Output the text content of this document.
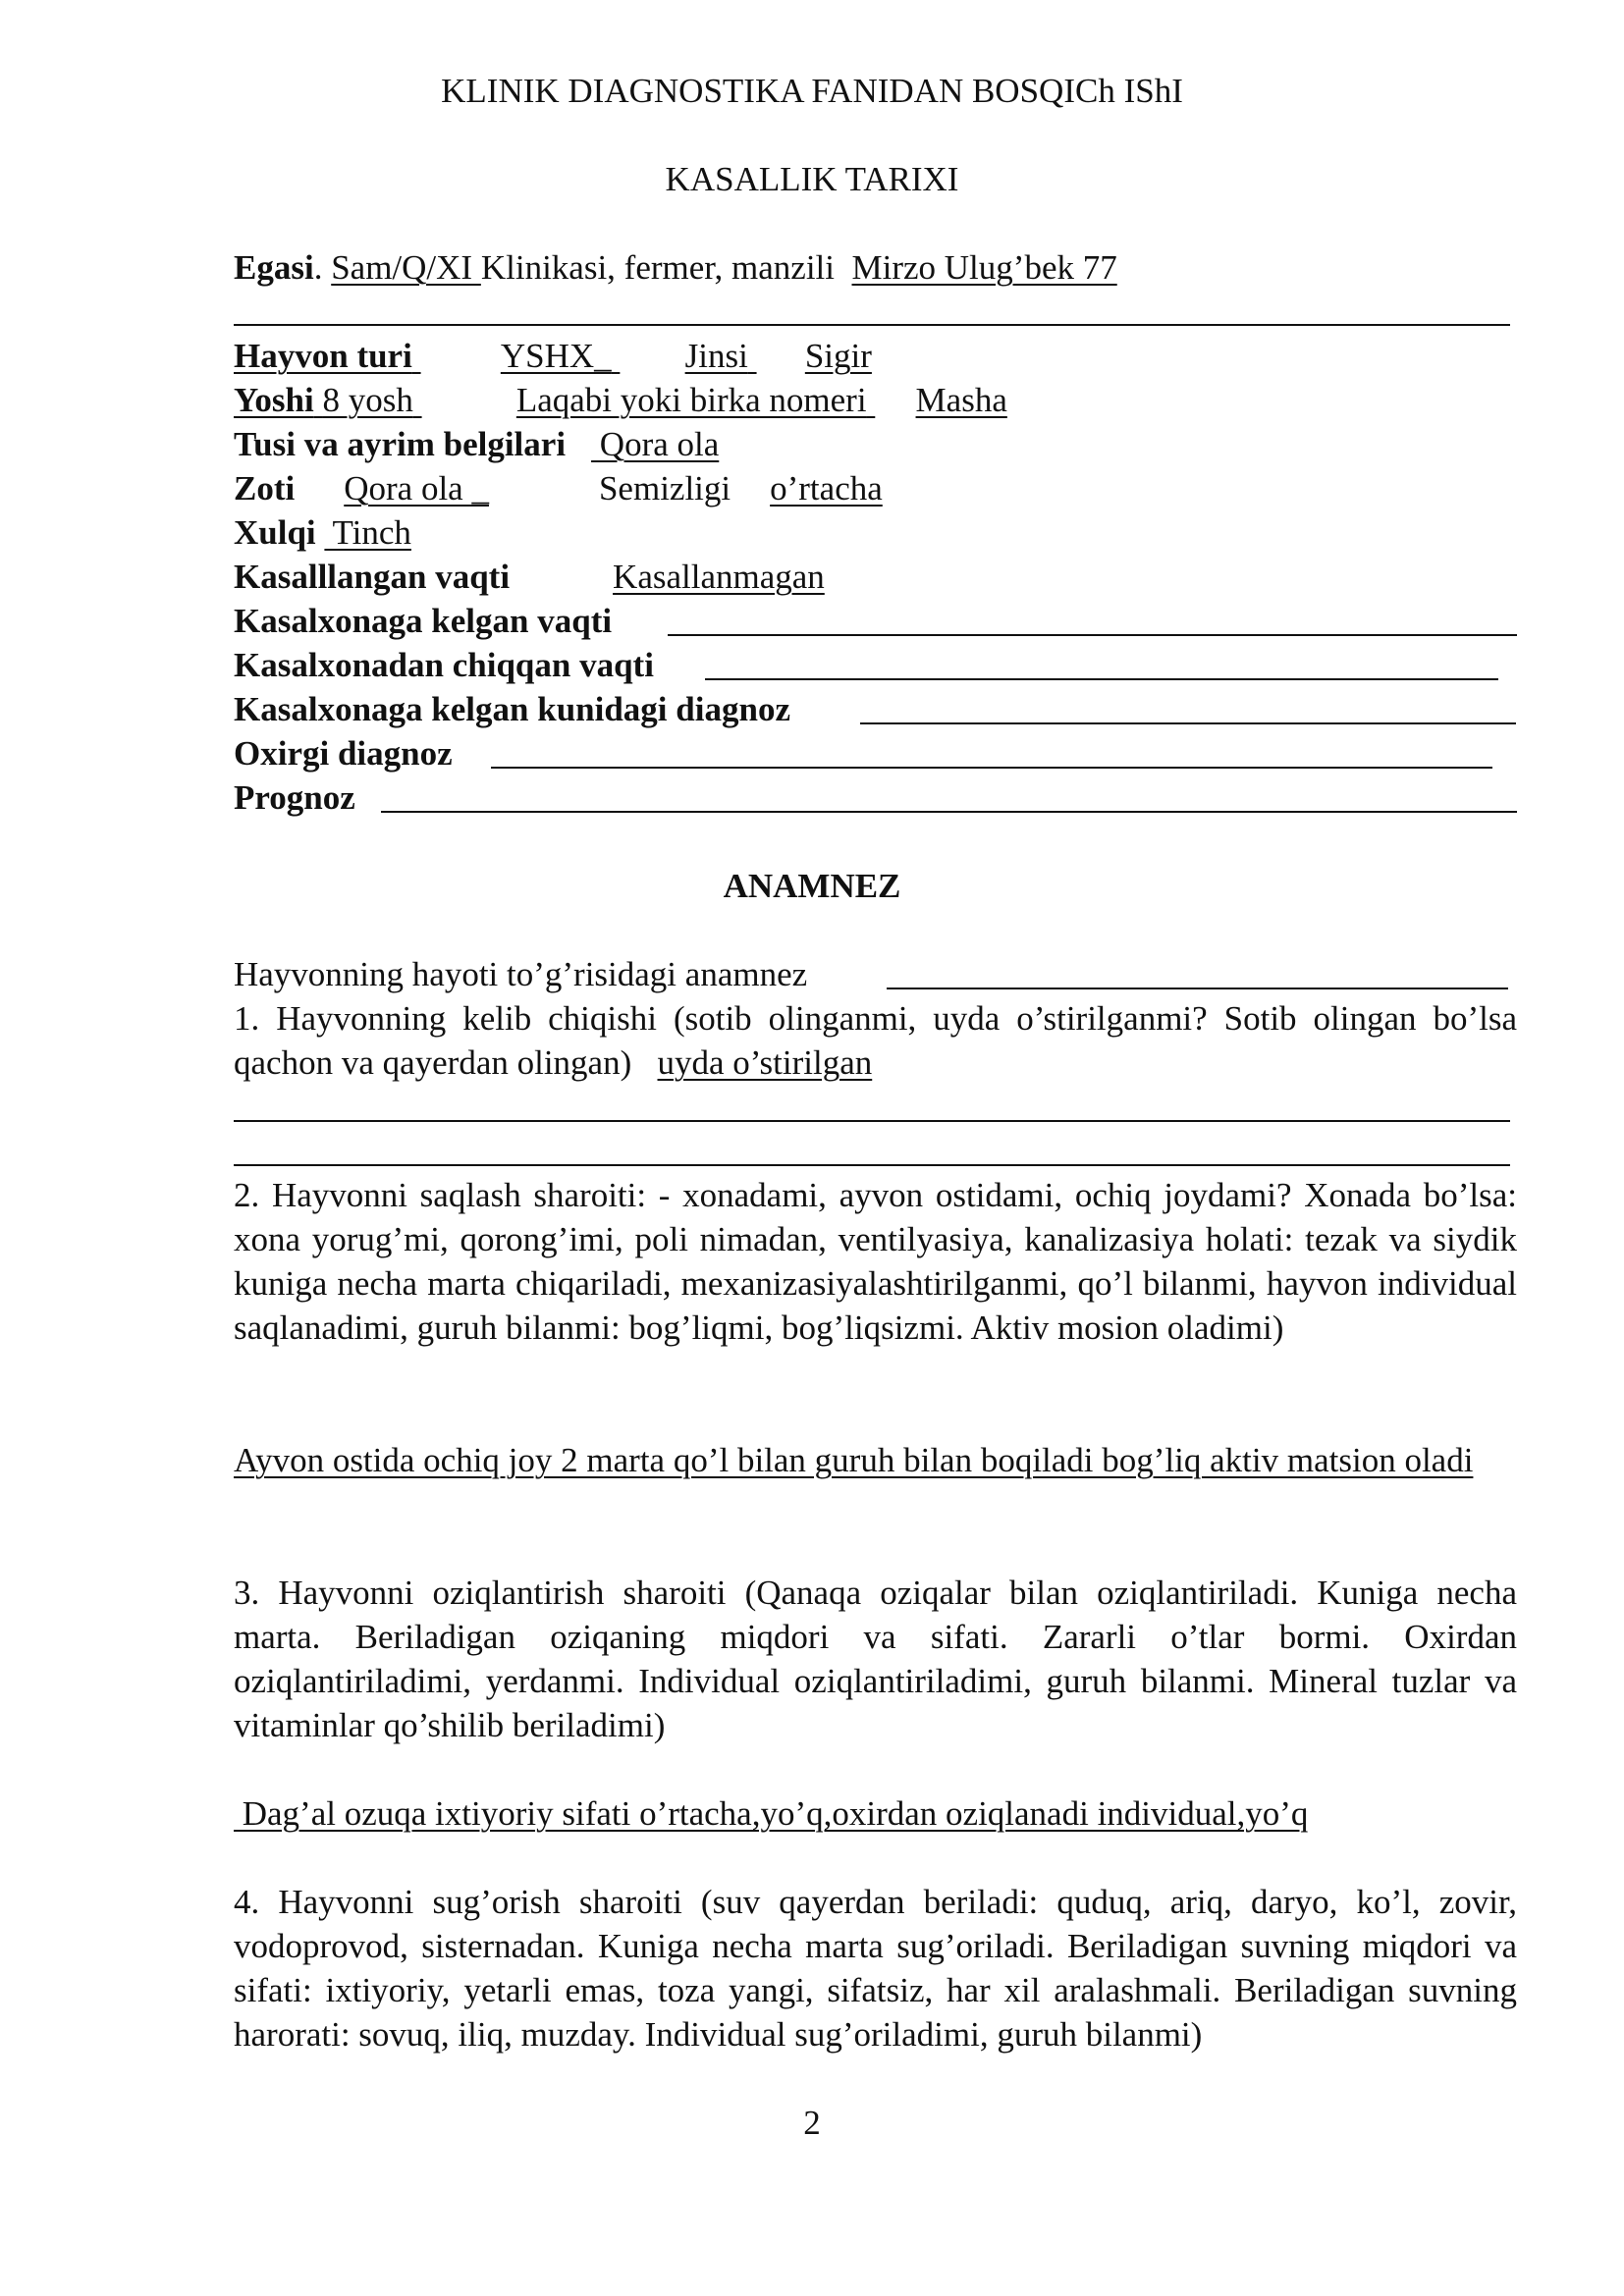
KLINIK DIAGNOSTIKA FANIDAN BOSQICh IShI
KASALLIK TARIXI
Egasi. Sam/Q/XI Klinikasi, fermer, manzili Mirzo Ulug’bek 77
Hayvon turi	YSHX_ Jinsi Sigir
Yoshi 8 yosh	Laqabi yoki birka nomeri Masha
Tusi va ayrim belgilari Qora ola
Zoti Qora ola _	Semizligi o’rtacha
Xulqi  Tinch
Kasalllangan vaqti	Kasallanmagan
Kasalxonaga kelgan vaqti
Kasalxonadan chiqqan vaqti
Kasalxonaga kelgan kunidagi diagnoz
Oxirgi diagnoz
Prognoz
ANAMNEZ
Hayvonning hayoti to’g’risidagi anamnez
1. Hayvonning kelib chiqishi (sotib olinganmi, uyda o’stirilganmi? Sotib olingan bo’lsa qachon va qayerdan olingan) uyda o’stirilgan
2. Hayvonni saqlash sharoiti: - xonadami, ayvon ostidami, ochiq joydami? Xonada bo’lsa: xona yorug’mi, qorong’imi, poli nimadan, ventilyasiya, kanalizasiya holati: tezak va siydik kuniga necha marta chiqariladi, mexanizasiyalashtirilganmi, qo’l bilanmi, hayvon individual saqlanadimi, guruh bilanmi: bog’liqmi, bog’liqsizmi. Aktiv mosion oladimi)
Ayvon ostida ochiq joy 2 marta qo’l bilan guruh bilan boqiladi bog’liq aktiv matsion oladi
3. Hayvonni oziqlantirish sharoiti (Qanaqa oziqalar bilan oziqlantiriladi. Kuniga necha marta. Beriladigan oziqaning miqdori va sifati. Zararli o’tlar bormi. Oxirdan oziqlantiriladimi, yerdanmi. Individual oziqlantiriladimi, guruh bilanmi. Mineral tuzlar va vitaminlar qo’shilib beriladimi)
Dag’al ozuqa ixtiyoriy sifati o’rtacha,yo’q,oxirdan oziqlanadi individual,yo’q
4. Hayvonni sug’orish sharoiti (suv qayerdan beriladi: quduq, ariq, daryo, ko’l, zovir, vodoprovod, sisternadan. Kuniga necha marta sug’oriladi. Beriladigan suvning miqdori va sifati: ixtiyoriy, yetarli emas, toza yangi, sifatsiz, har xil aralashmali. Beriladigan suvning harorati: sovuq, iliq, muzday. Individual sug’oriladimi, guruh bilanmi)
2
